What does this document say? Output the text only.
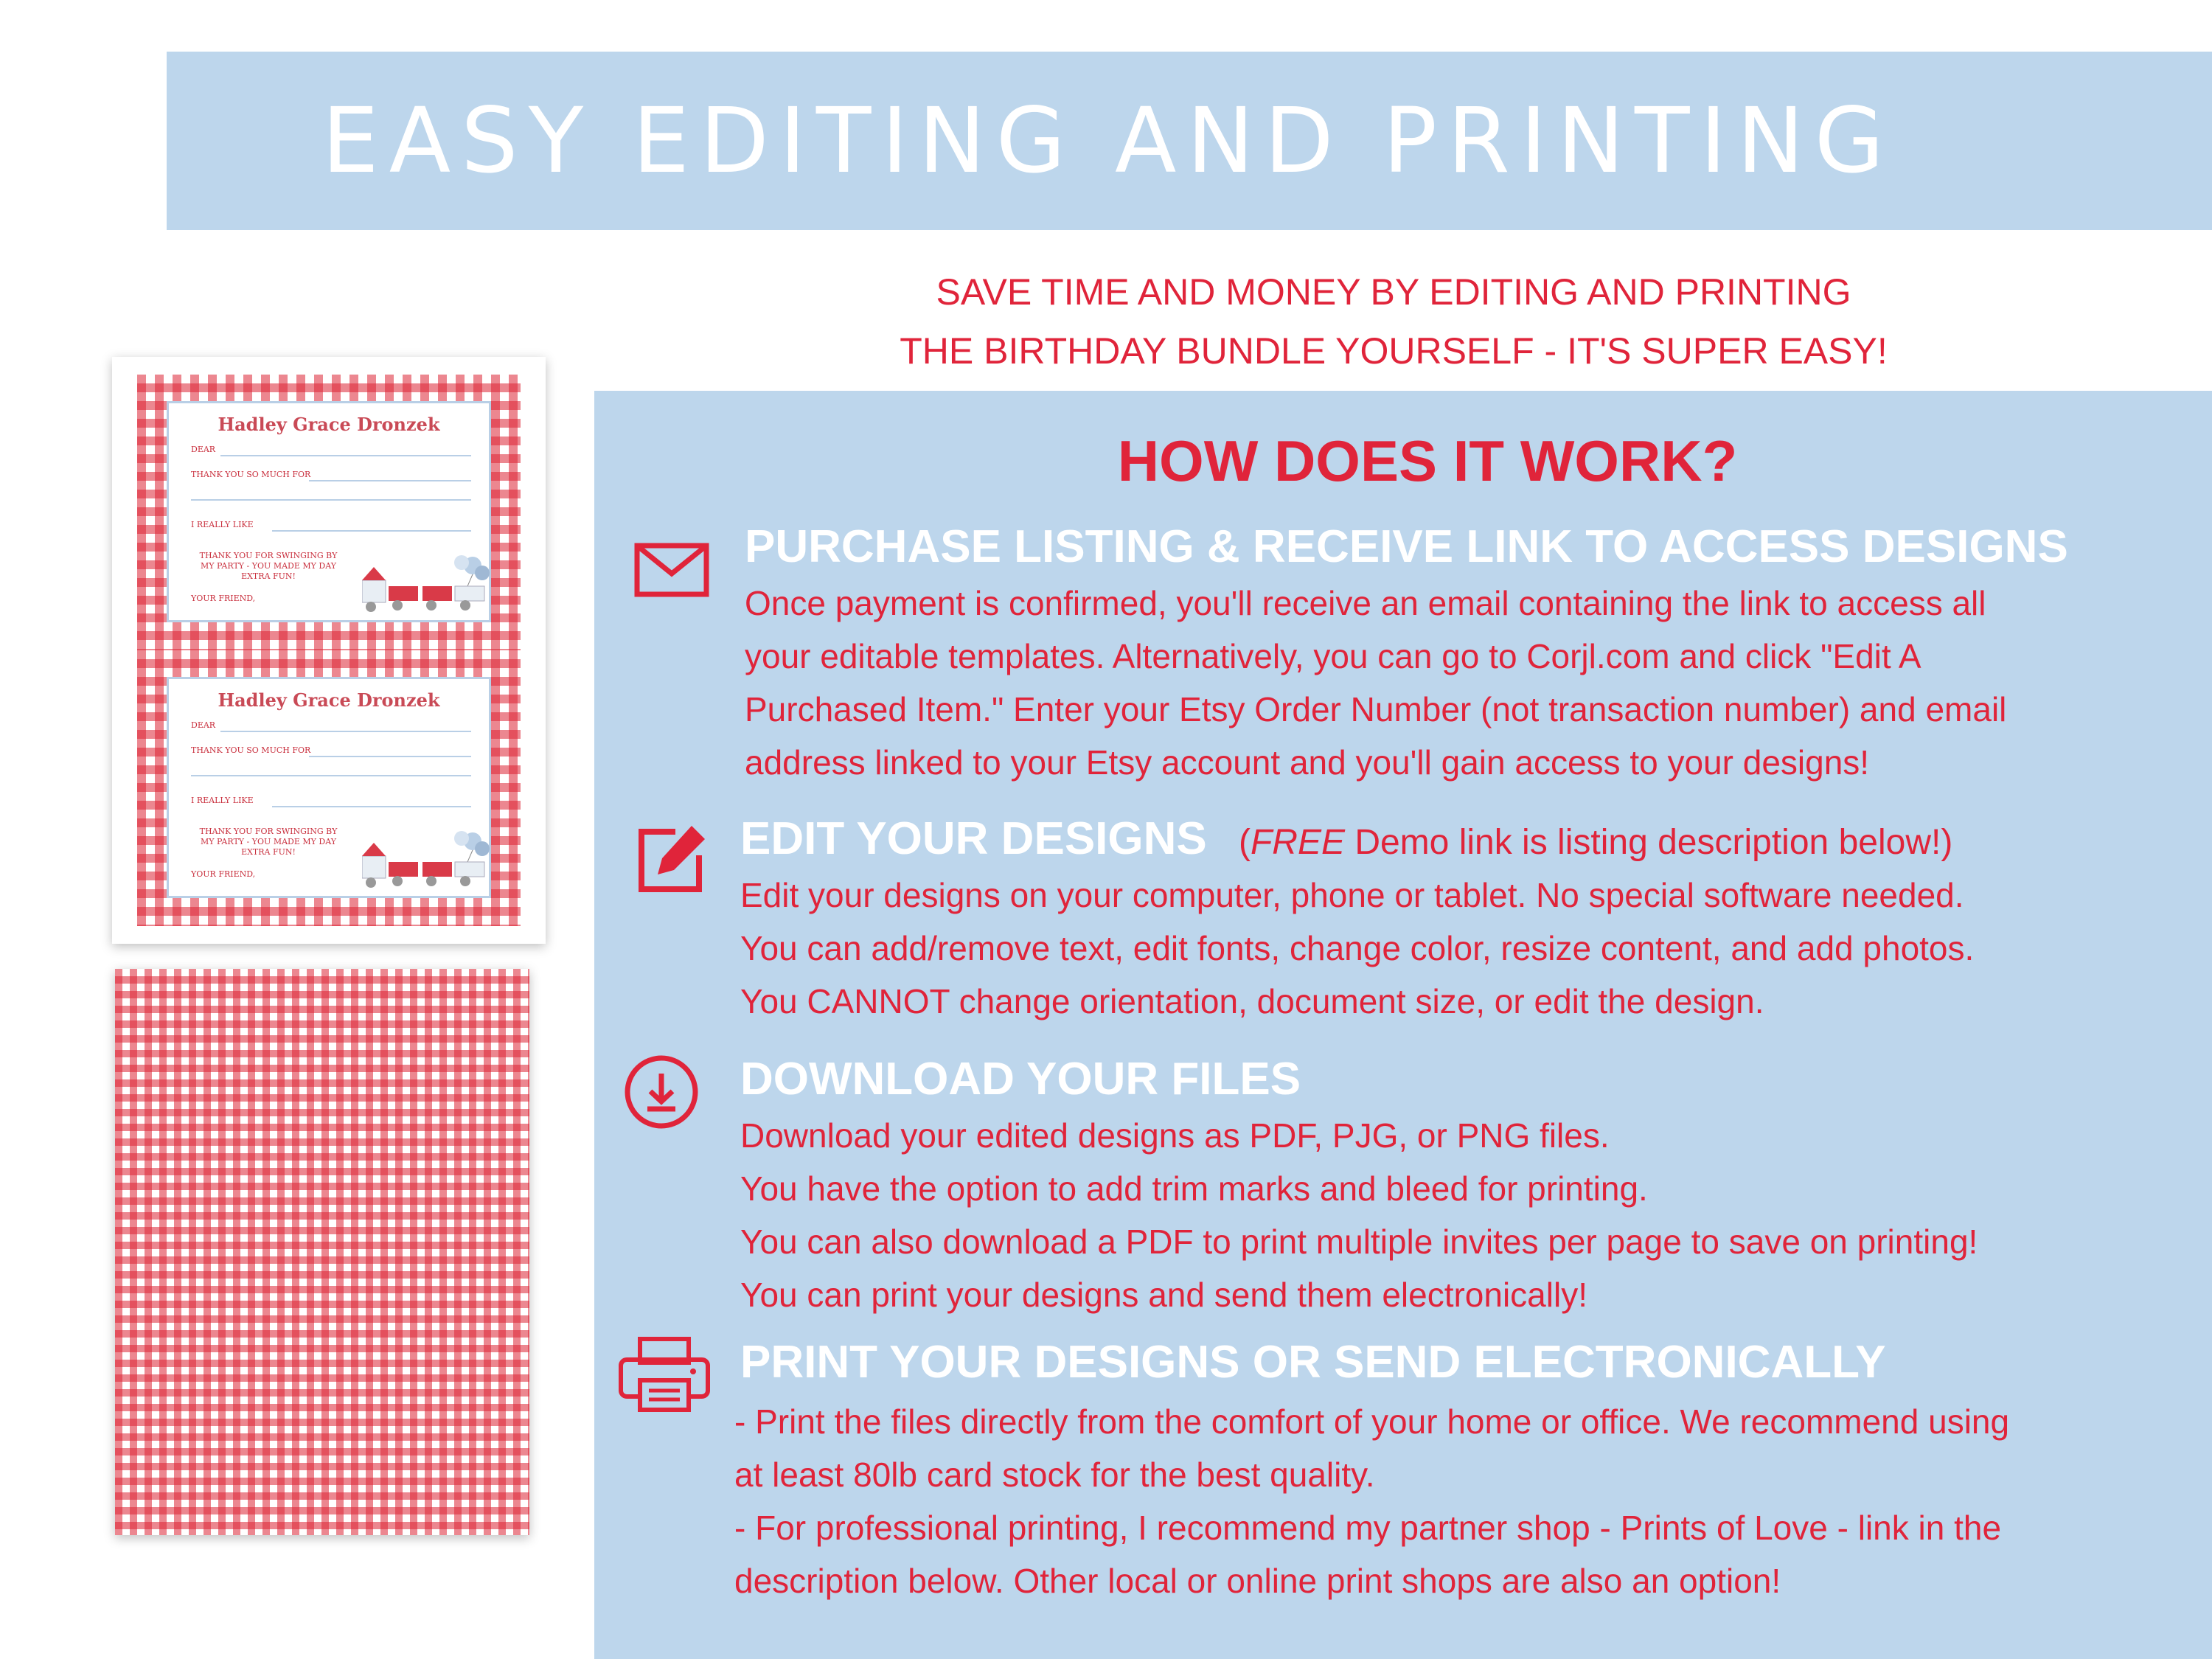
EASY EDITING AND PRINTING
SAVE TIME AND MONEY BY EDITING AND PRINTING
THE BIRTHDAY BUNDLE YOURSELF - IT'S SUPER EASY!
Hadley Grace Dronzek
DEAR
THANK YOU SO MUCH FOR
I REALLY LIKE
THANK YOU FOR SWINGING BY MY PARTY - YOU MADE MY DAY EXTRA FUN!
YOUR FRIEND,
Hadley Grace Dronzek
DEAR
THANK YOU SO MUCH FOR
I REALLY LIKE
THANK YOU FOR SWINGING BY MY PARTY - YOU MADE MY DAY EXTRA FUN!
YOUR FRIEND,
HOW DOES IT WORK?
PURCHASE LISTING & RECEIVE LINK TO ACCESS DESIGNS
Once payment is confirmed, you'll receive an email containing the link to access all
your editable templates. Alternatively, you can go to Corjl.com and click "Edit A
Purchased Item." Enter your Etsy Order Number (not transaction number) and email
address linked to your Etsy account and you'll gain access to your designs!
EDIT YOUR DESIGNS (FREE Demo link is listing description below!)
Edit your designs on your computer, phone or tablet. No special software needed.
You can add/remove text, edit fonts, change color, resize content, and add photos.
You CANNOT change orientation, document size, or edit the design.
DOWNLOAD YOUR FILES
Download your edited designs as PDF, PJG, or PNG files.
You have the option to add trim marks and bleed for printing.
You can also download a PDF to print multiple invites per page to save on printing!
You can print your designs and send them electronically!
PRINT YOUR DESIGNS OR SEND ELECTRONICALLY
- Print the files directly from the comfort of your home or office. We recommend using
at least 80lb card stock for the best quality.
- For professional printing, I recommend my partner shop - Prints of Love - link in the
description below. Other local or online print shops are also an option!
